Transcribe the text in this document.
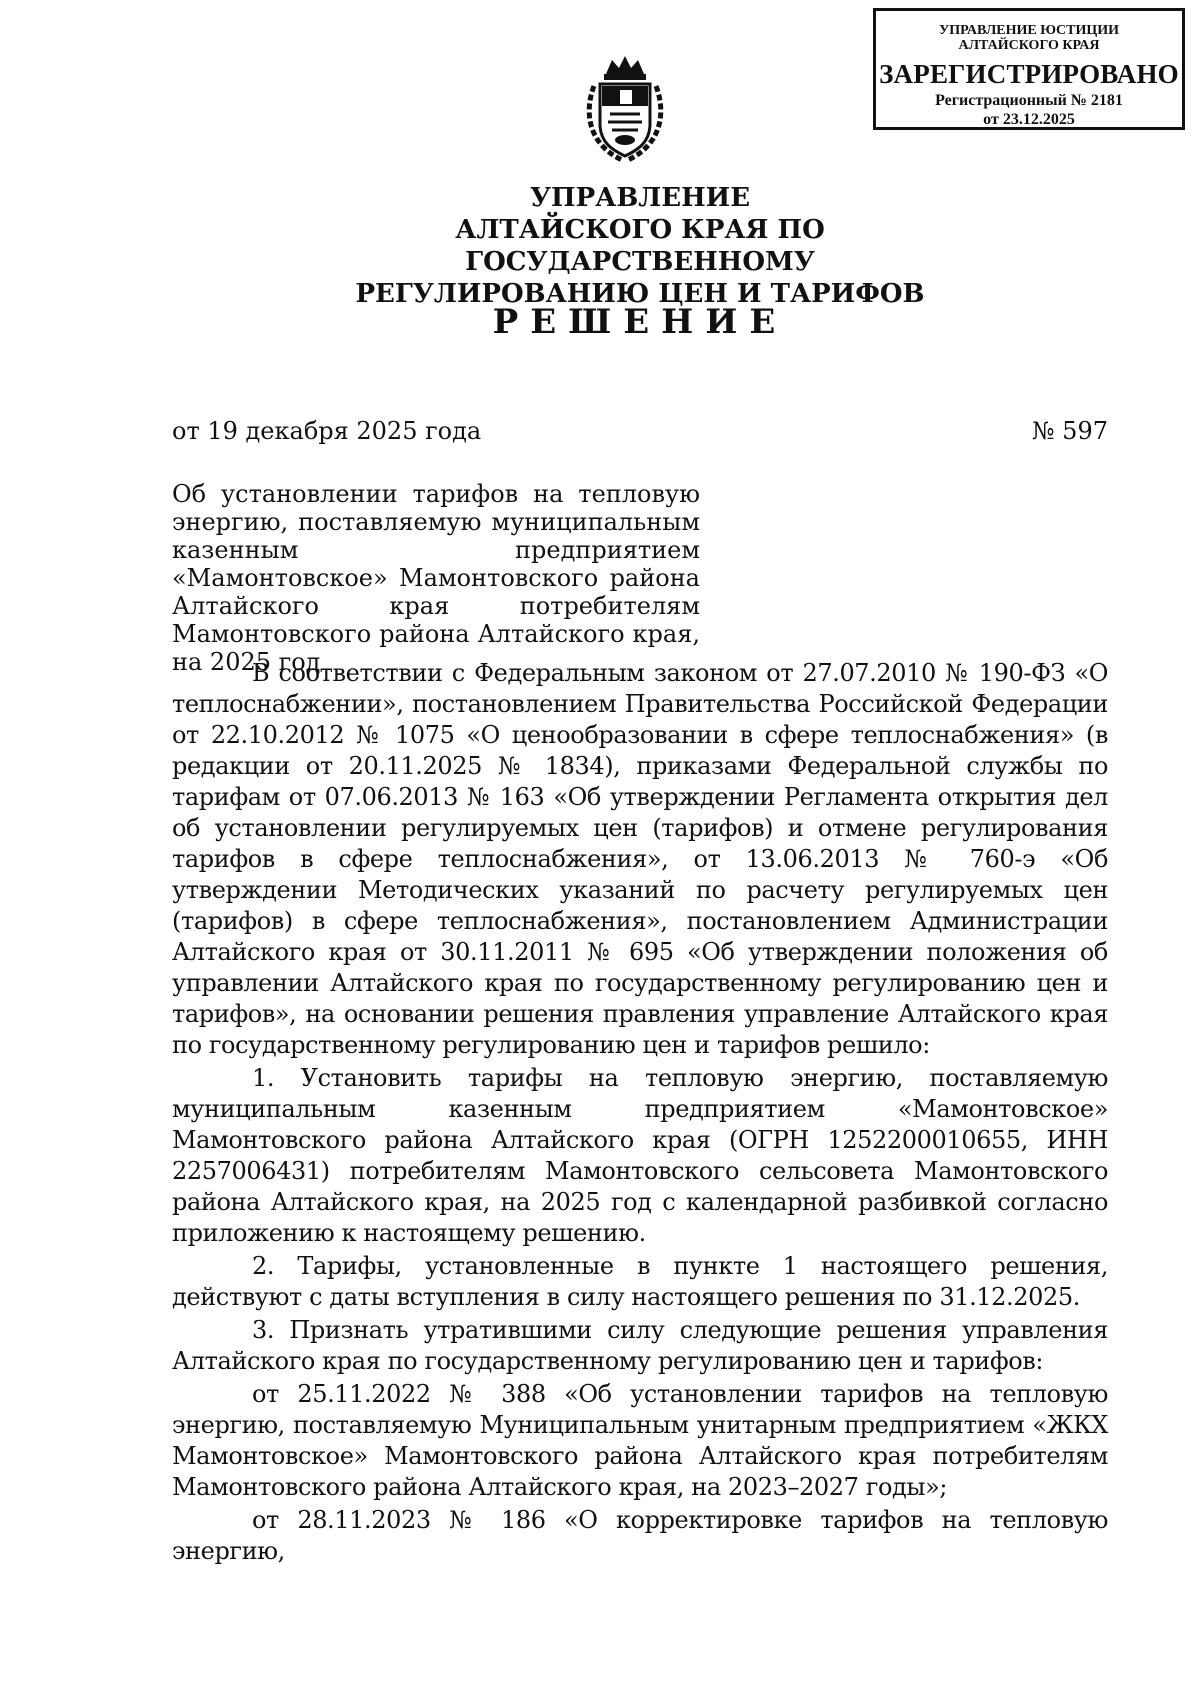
УПРАВЛЕНИЕ ЮСТИЦИИ
АЛТАЙСКОГО КРАЯ
ЗАРЕГИСТРИРОВАНО
Регистрационный № 2181
от 23.12.2025
УПРАВЛЕНИЕ
АЛТАЙСКОГО КРАЯ ПО ГОСУДАРСТВЕННОМУ
РЕГУЛИРОВАНИЮ ЦЕН И ТАРИФОВ
РЕШЕНИЕ
от 19 декабря 2025 года	№ 597
Об установлении тарифов на тепловую энергию, поставляемую муниципальным казенным предприятием «Мамонтовское» Мамонтовского района Алтайского края потребителям Мамонтовского района Алтайского края, на 2025 год

В соответствии с Федеральным законом от 27.07.2010 № 190-ФЗ «О теплоснабжении», постановлением Правительства Российской Федерации от 22.10.2012 № 1075 «О ценообразовании в сфере теплоснабжения» (в редакции от 20.11.2025 № 1834), приказами Федеральной службы по тарифам от 07.06.2013 № 163 «Об утверждении Регламента открытия дел об установлении регулируемых цен (тарифов) и отмене регулирования тарифов в сфере теплоснабжения», от 13.06.2013 № 760-э «Об утверждении Методических указаний по расчету регулируемых цен (тарифов) в сфере теплоснабжения», постановлением Администрации Алтайского края от 30.11.2011 № 695 «Об утверждении положения об управлении Алтайского края по государственному регулированию цен и тарифов», на основании решения правления управление Алтайского края по государственному регулированию цен и тарифов решило:

1. Установить тарифы на тепловую энергию, поставляемую муниципальным казенным предприятием «Мамонтовское» Мамонтовского района Алтайского края (ОГРН 1252200010655, ИНН 2257006431) потребителям Мамонтовского сельсовета Мамонтовского района Алтайского края, на 2025 год с календарной разбивкой согласно приложению к настоящему решению.

2. Тарифы, установленные в пункте 1 настоящего решения, действуют с даты вступления в силу настоящего решения по 31.12.2025.

3. Признать утратившими силу следующие решения управления Алтайского края по государственному регулированию цен и тарифов:

от 25.11.2022 № 388 «Об установлении тарифов на тепловую энергию, поставляемую Муниципальным унитарным предприятием «ЖКХ Мамонтовское» Мамонтовского района Алтайского края потребителям Мамонтовского района Алтайского края, на 2023–2027 годы»;

от 28.11.2023 № 186 «О корректировке тарифов на тепловую энергию,
